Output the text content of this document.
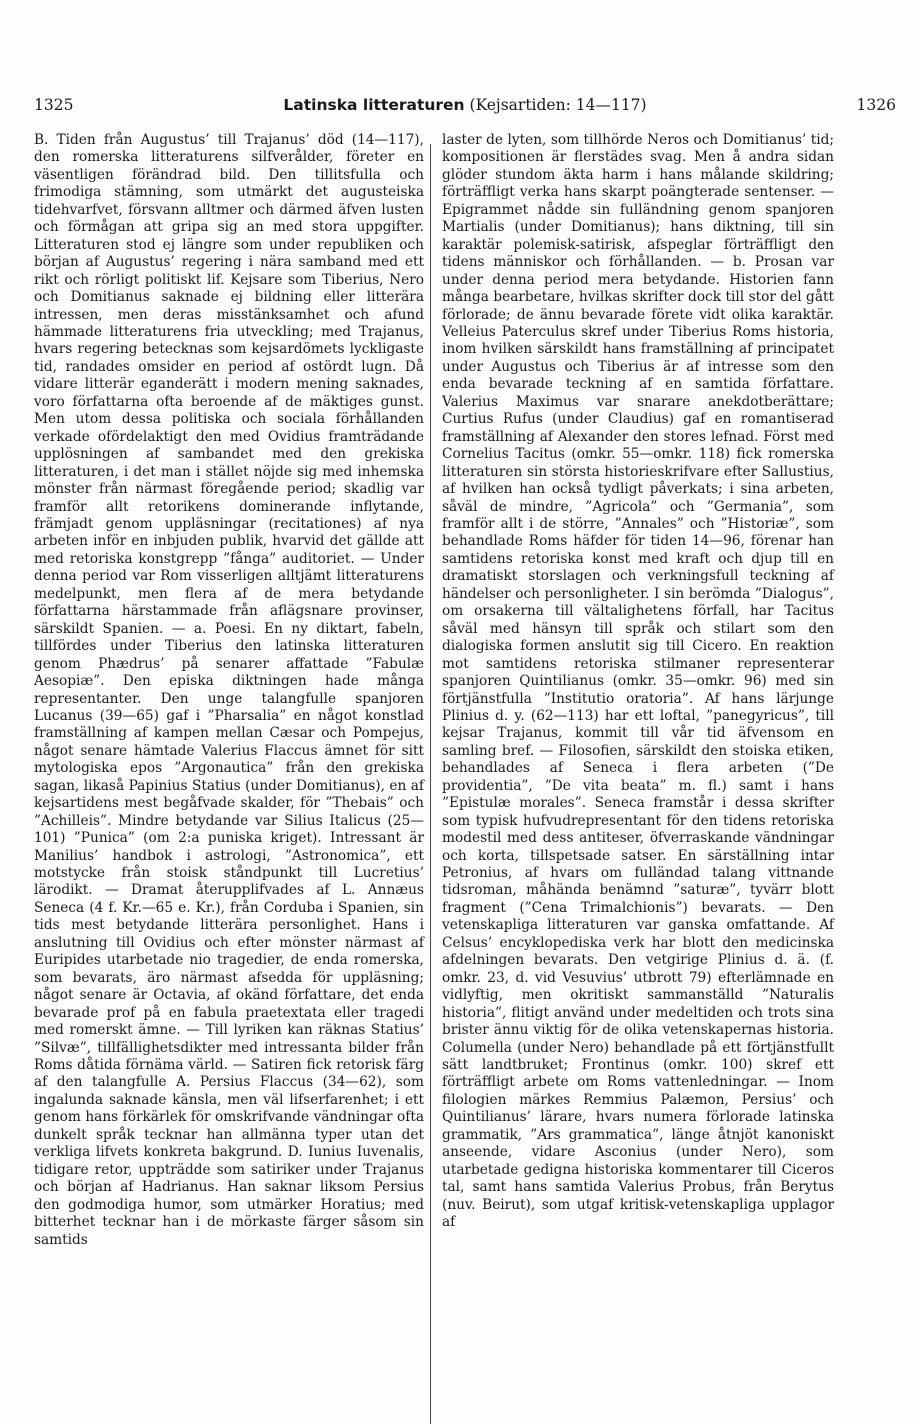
1325	Latinska litteraturen (Kejsartiden: 14—117)	1326

B. Tiden från Augustus’ till Trajanus’ död (14—117), den romerska litteraturens silfverålder, företer en väsentligen förändrad bild. Den tillitsfulla och frimodiga stämning, som utmärkt det augusteiska tidehvarfvet, försvann alltmer och därmed äfven lusten och förmågan att gripa sig an med stora uppgifter. Litteraturen stod ej längre som under republiken och början af Augustus’ regering i nära samband med ett rikt och rörligt politiskt lif. Kejsare som Tiberius, Nero och Domitianus saknade ej bildning eller litterära intressen, men deras misstänksamhet och afund hämmade litteraturens fria utveckling; med Trajanus, hvars regering betecknas som kejsardömets lyckligaste tid, randades omsider en period af ostördt lugn. Då vidare litterär eganderätt i modern mening saknades, voro författarna ofta beroende af de mäktiges gunst. Men utom dessa politiska och sociala förhållanden verkade ofördelaktigt den med Ovidius framträdande upplösningen af sambandet med den grekiska litteraturen, i det man i stället nöjde sig med inhemska mönster från närmast föregående period; skadlig var framför allt retorikens dominerande inflytande, främjadt genom uppläsningar (recitationes) af nya arbeten inför en inbjuden publik, hvarvid det gällde att med retoriska konstgrepp ”fånga” auditoriet. — Under denna period var Rom visserligen alltjämt litteraturens medelpunkt, men flera af de mera betydande författarna härstammade från aflägsnare provinser, särskildt Spanien. — a. Poesi. En ny diktart, fabeln, tillfördes under Tiberius den latinska litteraturen genom Phædrus’ på senarer affattade ”Fabulæ Aesopiæ”. Den episka diktningen hade många representanter. Den unge talangfulle spanjoren Lucanus (39—65) gaf i ”Pharsalia” en något konstlad framställning af kampen mellan Cæsar och Pompejus, något senare hämtade Valerius Flaccus ämnet för sitt mytologiska epos ”Argonautica” från den grekiska sagan, likaså Papinius Statius (under Domitianus), en af kejsartidens mest begåfvade skalder, för ”Thebais” och ”Achilleis”. Mindre betydande var Silius Italicus (25—101) ”Punica” (om 2:a puniska kriget). Intressant är Manilius’ handbok i astrologi, ”Astronomica”, ett motstycke från stoisk ståndpunkt till Lucretius’ lärodikt. — Dramat återupplifvades af L. Annæus Seneca (4 f. Kr.—65 e. Kr.), från Corduba i Spanien, sin tids mest betydande litterära personlighet. Hans i anslutning till Ovidius och efter mönster närmast af Euripides utarbetade nio tragedier, de enda romerska, som bevarats, äro närmast afsedda för uppläsning; något senare är Octavia, af okänd författare, det enda bevarade prof på en fabula praetextata eller tragedi med romerskt ämne. — Till lyriken kan räknas Statius’ ”Silvæ”, tillfällighetsdikter med intressanta bilder från Roms dåtida förnäma värld. — Satiren fick retorisk färg af den talangfulle A. Persius Flaccus (34—62), som ingalunda saknade känsla, men väl lifserfarenhet; i ett genom hans förkärlek för omskrifvande vändningar ofta dunkelt språk tecknar han allmänna typer utan det verkliga lifvets konkreta bakgrund. D. Iunius Iuvenalis, tidigare retor, uppträdde som satiriker under Trajanus och början af Hadrianus. Han saknar liksom Persius den godmodiga humor, som utmärker Horatius; med bitterhet tecknar han i de mörkaste färger såsom sin samtids

laster de lyten, som tillhörde Neros och Domitianus’ tid; kompositionen är flerstädes svag. Men å andra sidan glöder stundom äkta harm i hans målande skildring; förträffligt verka hans skarpt poängterade sentenser. — Epigrammet nådde sin fulländning genom spanjoren Martialis (under Domitianus); hans diktning, till sin karaktär polemisk-satirisk, afspeglar förträffligt den tidens människor och förhållanden. — b. Prosan var under denna period mera betydande. Historien fann många bearbetare, hvilkas skrifter dock till stor del gått förlorade; de ännu bevarade förete vidt olika karaktär. Velleius Paterculus skref under Tiberius Roms historia, inom hvilken särskildt hans framställning af principatet under Augustus och Tiberius är af intresse som den enda bevarade teckning af en samtida författare. Valerius Maximus var snarare anekdotberättare; Curtius Rufus (under Claudius) gaf en romantiserad framställning af Alexander den stores lefnad. Först med Cornelius Tacitus (omkr. 55—omkr. 118) fick romerska litteraturen sin största historieskrifvare efter Sallustius, af hvilken han också tydligt påverkats; i sina arbeten, såväl de mindre, ”Agricola” och ”Germania”, som framför allt i de större, ”Annales” och ”Historiæ”, som behandlade Roms häfder för tiden 14—96, förenar han samtidens retoriska konst med kraft och djup till en dramatiskt storslagen och verkningsfull teckning af händelser och personligheter. I sin berömda ”Dialogus”, om orsakerna till vältalighetens förfall, har Tacitus såväl med hänsyn till språk och stilart som den dialogiska formen anslutit sig till Cicero. En reaktion mot samtidens retoriska stilmaner representerar spanjoren Quintilianus (omkr. 35—omkr. 96) med sin förtjänstfulla ”Institutio oratoria”. Af hans lärjunge Plinius d. y. (62—113) har ett loftal, ”panegyricus”, till kejsar Trajanus, kommit till vår tid äfvensom en samling bref. — Filosofien, särskildt den stoiska etiken, behandlades af Seneca i flera arbeten (”De providentia”, ”De vita beata” m. fl.) samt i hans ”Epistulæ morales”. Seneca framstår i dessa skrifter som typisk hufvudrepresentant för den tidens retoriska modestil med dess antiteser, öfverraskande vändningar och korta, tillspetsade satser. En särställning intar Petronius, af hvars om fulländad talang vittnande tidsroman, måhända benämnd ”saturæ”, tyvärr blott fragment (”Cena Trimalchionis”) bevarats. — Den vetenskapliga litteraturen var ganska omfattande. Af Celsus’ encyklopediska verk har blott den medicinska afdelningen bevarats. Den vetgirige Plinius d. ä. (f. omkr. 23, d. vid Vesuvius’ utbrott 79) efterlämnade en vidlyftig, men okritiskt sammanställd ”Naturalis historia”, flitigt använd under medeltiden och trots sina brister ännu viktig för de olika vetenskapernas historia. Columella (under Nero) behandlade på ett förtjänstfullt sätt landtbruket; Frontinus (omkr. 100) skref ett förträffligt arbete om Roms vattenledningar. — Inom filologien märkes Remmius Palæmon, Persius’ och Quintilianus’ lärare, hvars numera förlorade latinska grammatik, ”Ars grammatica”, länge åtnjöt kanoniskt anseende, vidare Asconius (under Nero), som utarbetade gedigna historiska kommentarer till Ciceros tal, samt hans samtida Valerius Probus, från Berytus (nuv. Beirut), som utgaf kritisk-vetenskapliga upplagor af
